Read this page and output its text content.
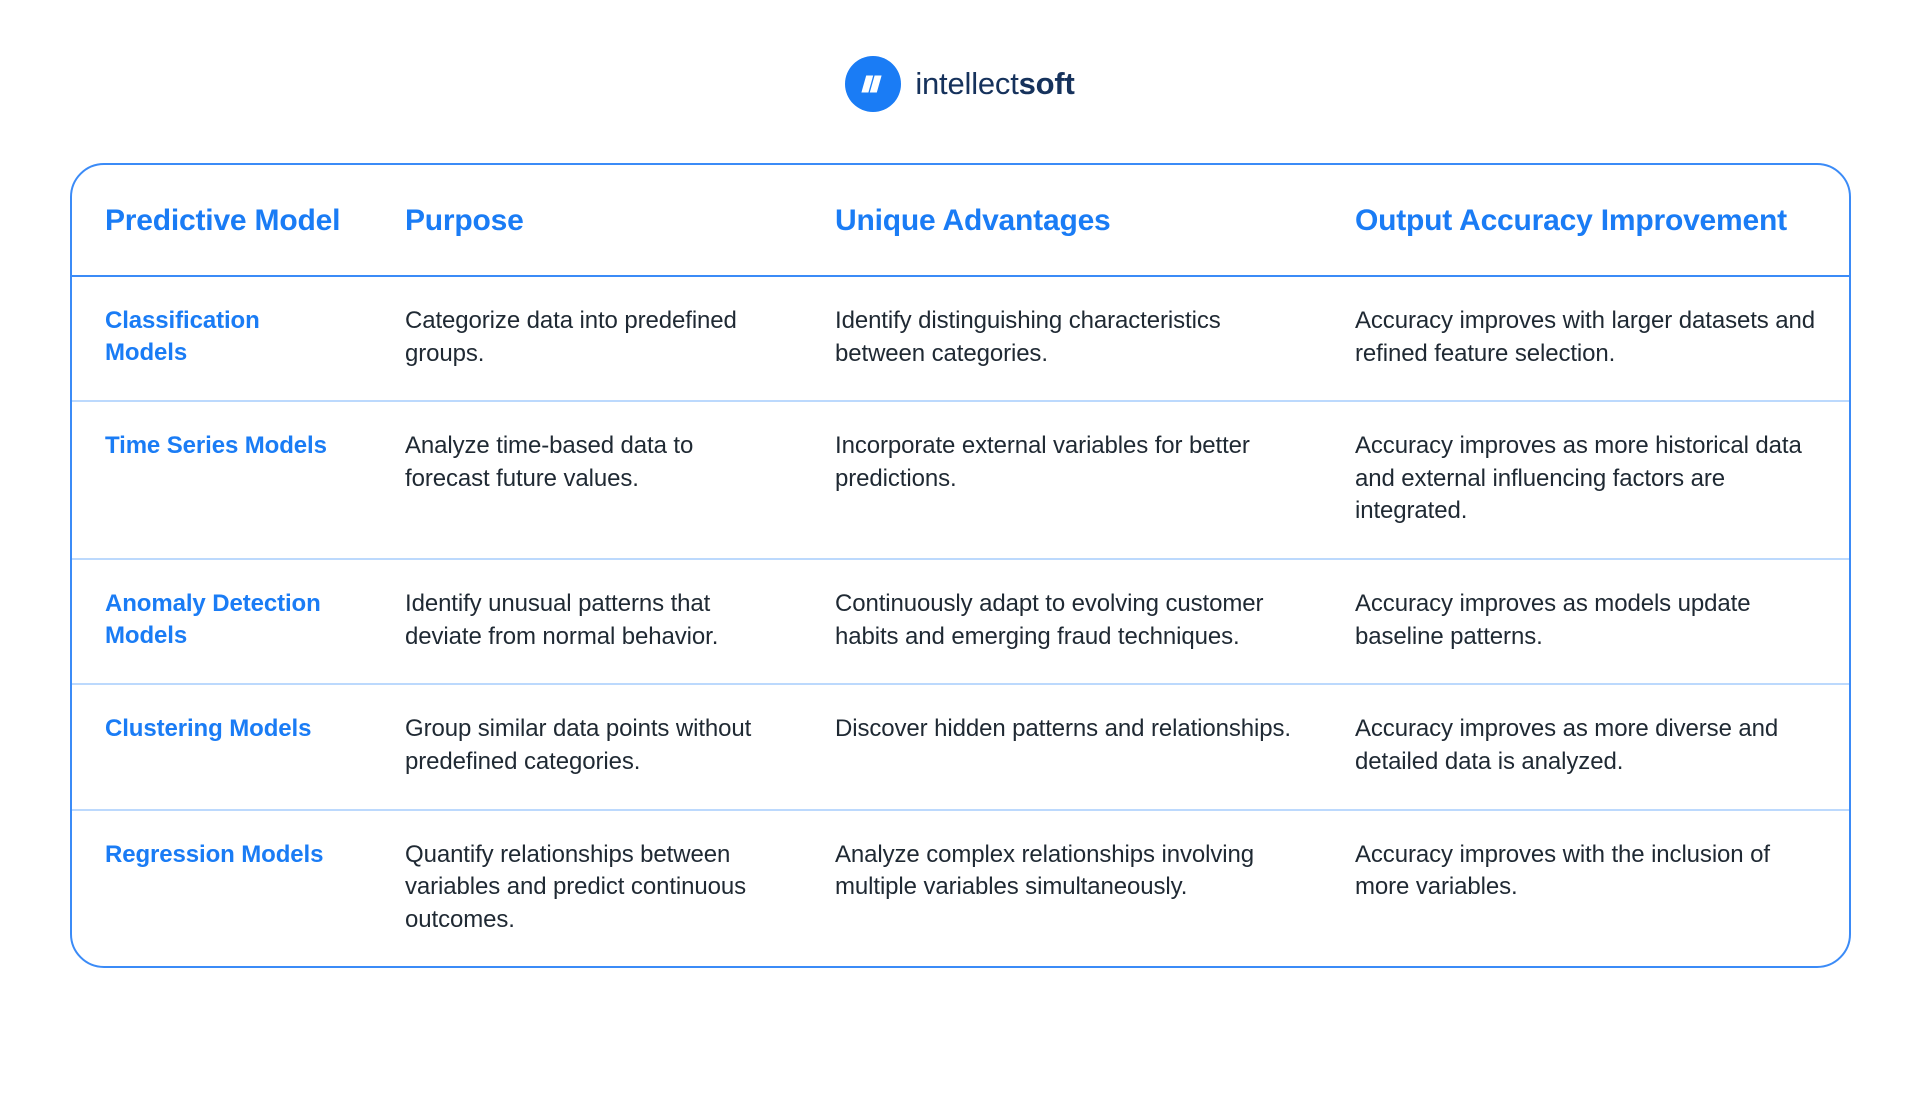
intellectsoft
Predictive Model	Purpose	Unique Advantages	Output Accuracy Improvement

Classification Models	Categorize data into predefined groups.	Identify distinguishing characteristics between categories.	Accuracy improves with larger datasets and refined feature selection.

Time Series Models	Analyze time-based data to forecast future values.	Incorporate external variables for better predictions.	Accuracy improves as more historical data and external influencing factors are integrated.

Anomaly Detection Models	Identify unusual patterns that deviate from normal behavior.	Continuously adapt to evolving customer habits and emerging fraud techniques.	Accuracy improves as models update baseline patterns.

Clustering Models	Group similar data points without predefined categories.	Discover hidden patterns and relationships.	Accuracy improves as more diverse and detailed data is analyzed.

Regression Models	Quantify relationships between variables and predict continuous outcomes.	Analyze complex relationships involving multiple variables simultaneously.	Accuracy improves with the inclusion of more variables.
